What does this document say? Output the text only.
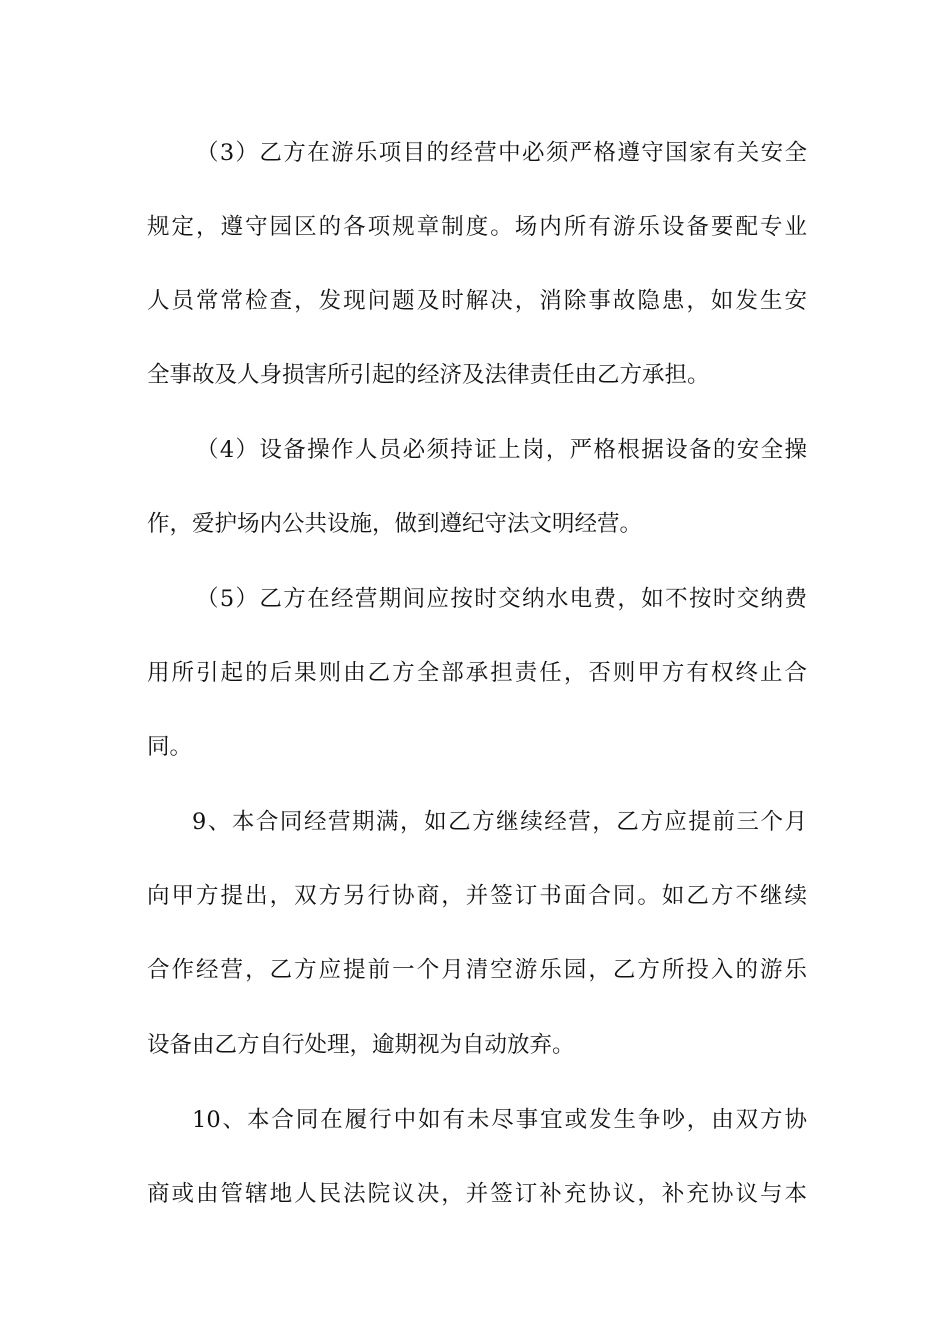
（3）乙方在游乐项目的经营中必须严格遵守国家有关安全
规定，遵守园区的各项规章制度。场内所有游乐设备要配专业
人员常常检查，发现问题及时解决，消除事故隐患，如发生安
全事故及人身损害所引起的经济及法律责任由乙方承担。
（4）设备操作人员必须持证上岗，严格根据设备的安全操
作，爱护场内公共设施，做到遵纪守法文明经营。
（5）乙方在经营期间应按时交纳水电费，如不按时交纳费
用所引起的后果则由乙方全部承担责任，否则甲方有权终止合
同。
9、本合同经营期满，如乙方继续经营，乙方应提前三个月
向甲方提出，双方另行协商，并签订书面合同。如乙方不继续
合作经营，乙方应提前一个月清空游乐园，乙方所投入的游乐
设备由乙方自行处理，逾期视为自动放弃。
10、本合同在履行中如有未尽事宜或发生争吵，由双方协
商或由管辖地人民法院议决，并签订补充协议，补充协议与本
